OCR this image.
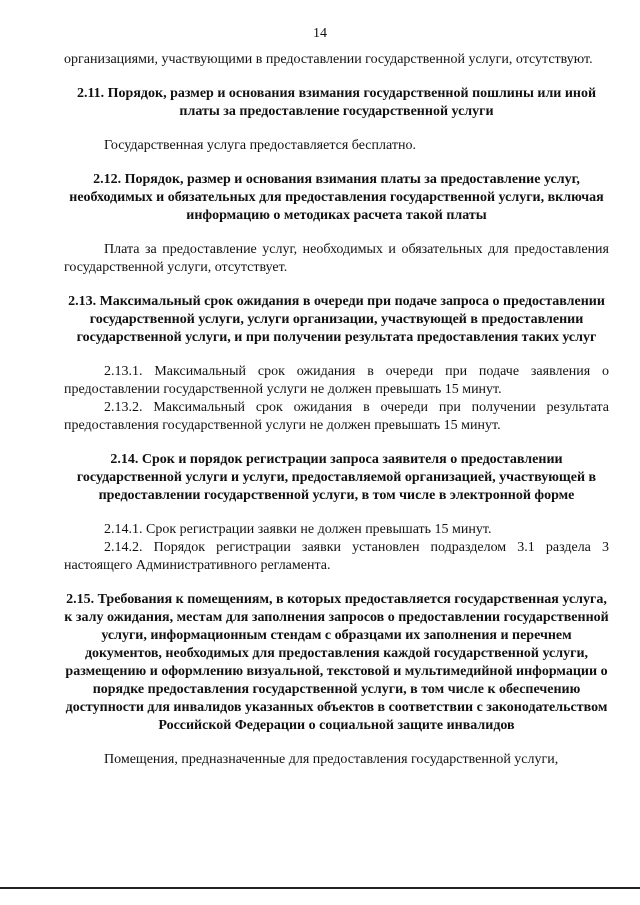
14

организациями, участвующими в предоставлении государственной услуги, отсутствуют.

2.11. Порядок, размер и основания взимания государственной пошлины или иной платы за предоставление государственной услуги

Государственная услуга предоставляется бесплатно.

2.12. Порядок, размер и основания взимания платы за предоставление услуг, необходимых и обязательных для предоставления государственной услуги, включая информацию о методиках расчета такой платы

Плата за предоставление услуг, необходимых и обязательных для предоставления государственной услуги, отсутствует.

2.13. Максимальный срок ожидания в очереди при подаче запроса о предоставлении государственной услуги, услуги организации, участвующей в предоставлении государственной услуги, и при получении результата предоставления таких услуг

2.13.1. Максимальный срок ожидания в очереди при подаче заявления о предоставлении государственной услуги не должен превышать 15 минут.

2.13.2. Максимальный срок ожидания в очереди при получении результата предоставления государственной услуги не должен превышать 15 минут.

2.14. Срок и порядок регистрации запроса заявителя о предоставлении государственной услуги и услуги, предоставляемой организацией, участвующей в предоставлении государственной услуги, в том числе в электронной форме

2.14.1. Срок регистрации заявки не должен превышать 15 минут.

2.14.2. Порядок регистрации заявки установлен подразделом 3.1 раздела 3 настоящего Административного регламента.

2.15. Требования к помещениям, в которых предоставляется государственная услуга, к залу ожидания, местам для заполнения запросов о предоставлении государственной услуги, информационным стендам с образцами их заполнения и перечнем документов, необходимых для предоставления каждой государственной услуги, размещению и оформлению визуальной, текстовой и мультимедийной информации о порядке предоставления государственной услуги, в том числе к обеспечению доступности для инвалидов указанных объектов в соответствии с законодательством Российской Федерации о социальной защите инвалидов

Помещения, предназначенные для предоставления государственной услуги,
